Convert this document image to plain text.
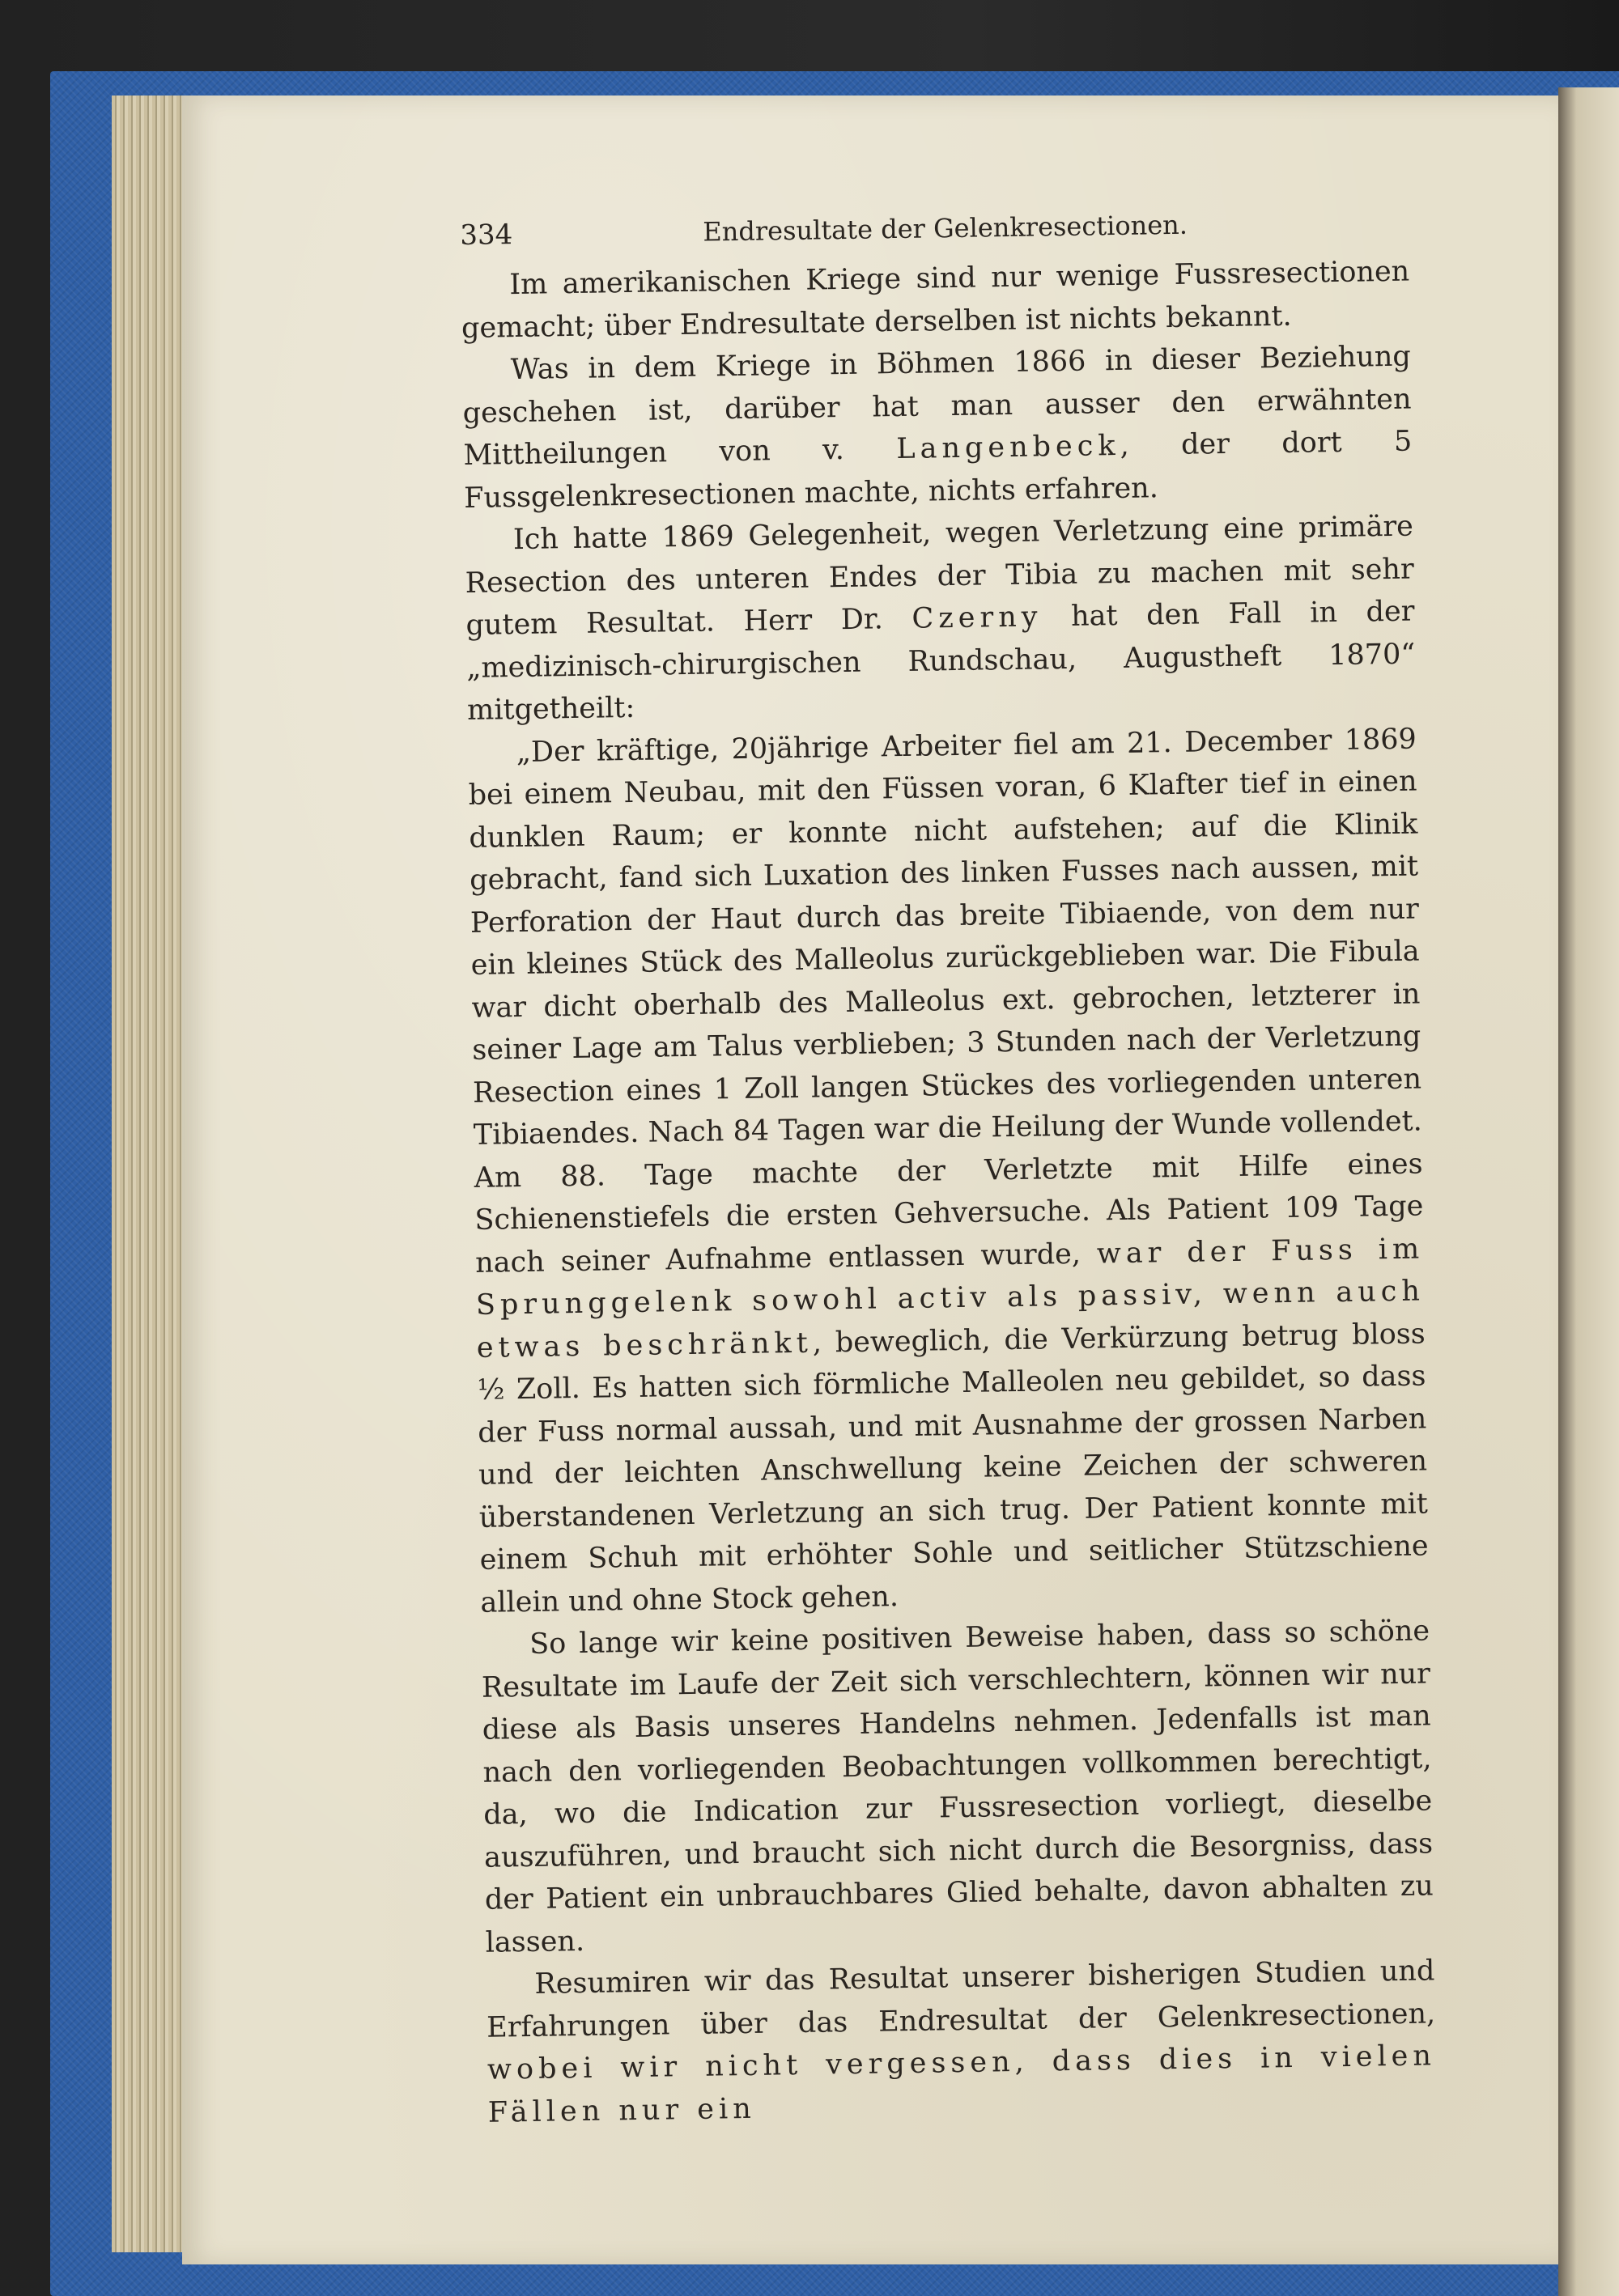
334	Endresultate der Gelenkresectionen.

Im amerikanischen Kriege sind nur wenige Fussresectionen gemacht; über Endresultate derselben ist nichts bekannt.

Was in dem Kriege in Böhmen 1866 in dieser Beziehung geschehen ist, darüber hat man ausser den erwähnten Mittheilungen von v. Langenbeck, der dort 5 Fussgelenkresectionen machte, nichts erfahren.

Ich hatte 1869 Gelegenheit, wegen Verletzung eine primäre Resection des unteren Endes der Tibia zu machen mit sehr gutem Resultat. Herr Dr. Czerny hat den Fall in der „medizinisch-chirurgischen Rundschau, Augustheft 1870“ mitgetheilt:

„Der kräftige, 20jährige Arbeiter fiel am 21. December 1869 bei einem Neubau, mit den Füssen voran, 6 Klafter tief in einen dunklen Raum; er konnte nicht aufstehen; auf die Klinik gebracht, fand sich Luxation des linken Fusses nach aussen, mit Perforation der Haut durch das breite Tibiaende, von dem nur ein kleines Stück des Malleolus zurückgeblieben war. Die Fibula war dicht oberhalb des Malleolus ext. gebrochen, letzterer in seiner Lage am Talus verblieben; 3 Stunden nach der Verletzung Resection eines 1 Zoll langen Stückes des vorliegenden unteren Tibiaendes. Nach 84 Tagen war die Heilung der Wunde vollendet. Am 88. Tage machte der Verletzte mit Hilfe eines Schienenstiefels die ersten Gehversuche. Als Patient 109 Tage nach seiner Aufnahme entlassen wurde, war der Fuss im Sprunggelenk sowohl activ als passiv, wenn auch etwas beschränkt, beweglich, die Verkürzung betrug bloss ½ Zoll. Es hatten sich förmliche Malleolen neu gebildet, so dass der Fuss normal aussah, und mit Ausnahme der grossen Narben und der leichten Anschwellung keine Zeichen der schweren überstandenen Verletzung an sich trug. Der Patient konnte mit einem Schuh mit erhöhter Sohle und seitlicher Stützschiene allein und ohne Stock gehen.

So lange wir keine positiven Beweise haben, dass so schöne Resultate im Laufe der Zeit sich verschlechtern, können wir nur diese als Basis unseres Handelns nehmen. Jedenfalls ist man nach den vorliegenden Beobachtungen vollkommen berechtigt, da, wo die Indication zur Fussresection vorliegt, dieselbe auszuführen, und braucht sich nicht durch die Besorgniss, dass der Patient ein unbrauchbares Glied behalte, davon abhalten zu lassen.

Resumiren wir das Resultat unserer bisherigen Studien und Erfahrungen über das Endresultat der Gelenkresectionen, wobei wir nicht vergessen, dass dies in vielen Fällen nur ein
